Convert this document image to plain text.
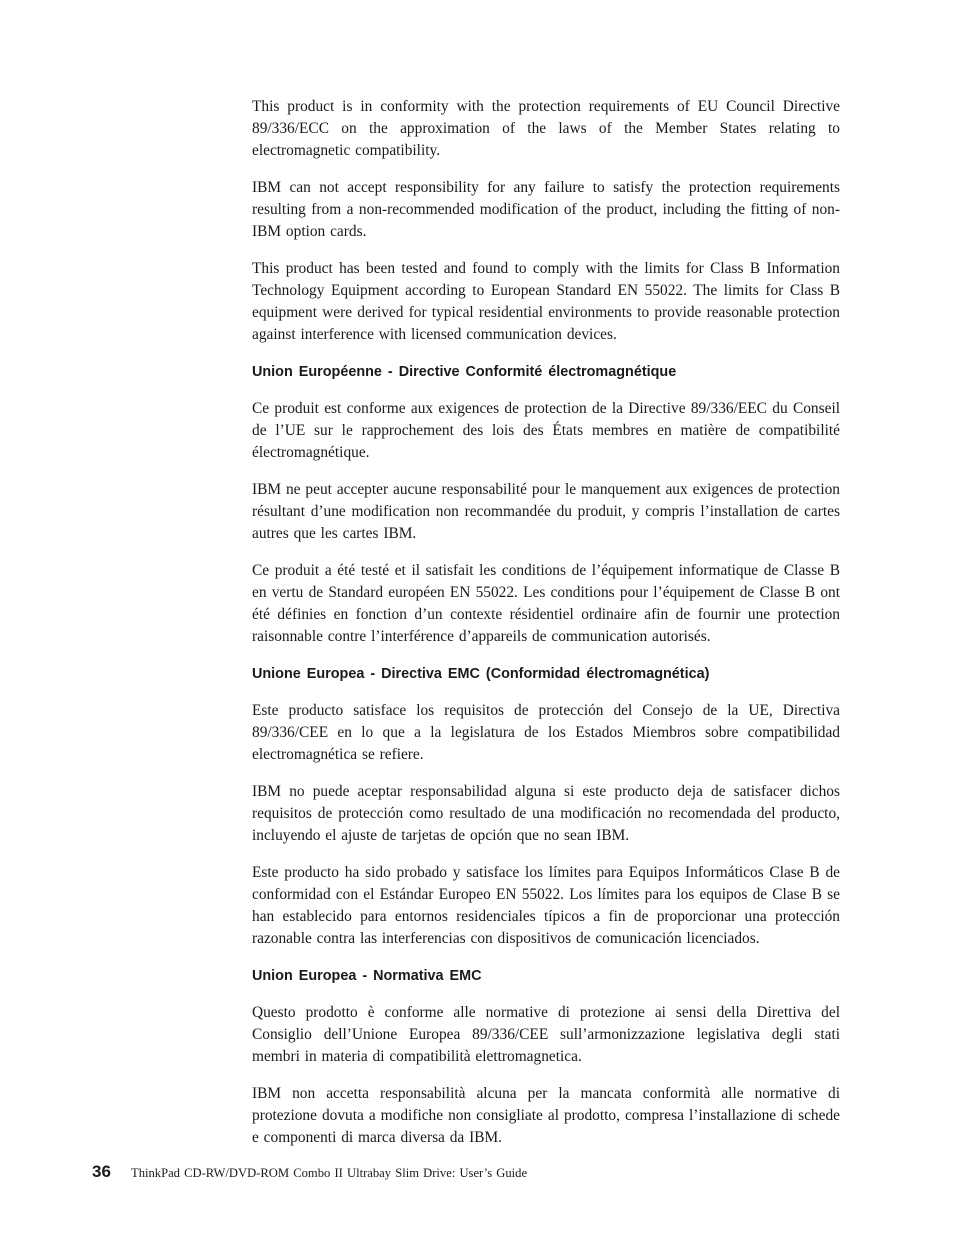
This product is in conformity with the protection requirements of EU Council Directive 89/336/ECC on the approximation of the laws of the Member States relating to electromagnetic compatibility.

IBM can not accept responsibility for any failure to satisfy the protection requirements resulting from a non-recommended modification of the product, including the fitting of non-IBM option cards.

This product has been tested and found to comply with the limits for Class B Information Technology Equipment according to European Standard EN 55022. The limits for Class B equipment were derived for typical residential environments to provide reasonable protection against interference with licensed communication devices.

Union Européenne - Directive Conformité électromagnétique

Ce produit est conforme aux exigences de protection de la Directive 89/336/EEC du Conseil de l’UE sur le rapprochement des lois des États membres en matière de compatibilité électromagnétique.

IBM ne peut accepter aucune responsabilité pour le manquement aux exigences de protection résultant d’une modification non recommandée du produit, y compris l’installation de cartes autres que les cartes IBM.

Ce produit a été testé et il satisfait les conditions de l’équipement informatique de Classe B en vertu de Standard européen EN 55022. Les conditions pour l’équipement de Classe B ont été définies en fonction d’un contexte résidentiel ordinaire afin de fournir une protection raisonnable contre l’interférence d’appareils de communication autorisés.

Unione Europea - Directiva EMC (Conformidad électromagnética)

Este producto satisface los requisitos de protección del Consejo de la UE, Directiva 89/336/CEE en lo que a la legislatura de los Estados Miembros sobre compatibilidad electromagnética se refiere.

IBM no puede aceptar responsabilidad alguna si este producto deja de satisfacer dichos requisitos de protección como resultado de una modificación no recomendada del producto, incluyendo el ajuste de tarjetas de opción que no sean IBM.

Este producto ha sido probado y satisface los límites para Equipos Informáticos Clase B de conformidad con el Estándar Europeo EN 55022. Los límites para los equipos de Clase B se han establecido para entornos residenciales típicos a fin de proporcionar una protección razonable contra las interferencias con dispositivos de comunicación licenciados.

Union Europea - Normativa EMC

Questo prodotto è conforme alle normative di protezione ai sensi della Direttiva del Consiglio dell’Unione Europea 89/336/CEE sull’armonizzazione legislativa degli stati membri in materia di compatibilità elettromagnetica.

IBM non accetta responsabilità alcuna per la mancata conformità alle normative di protezione dovuta a modifiche non consigliate al prodotto, compresa l’installazione di schede e componenti di marca diversa da IBM.

36 ThinkPad CD-RW/DVD-ROM Combo II Ultrabay Slim Drive: User’s Guide
